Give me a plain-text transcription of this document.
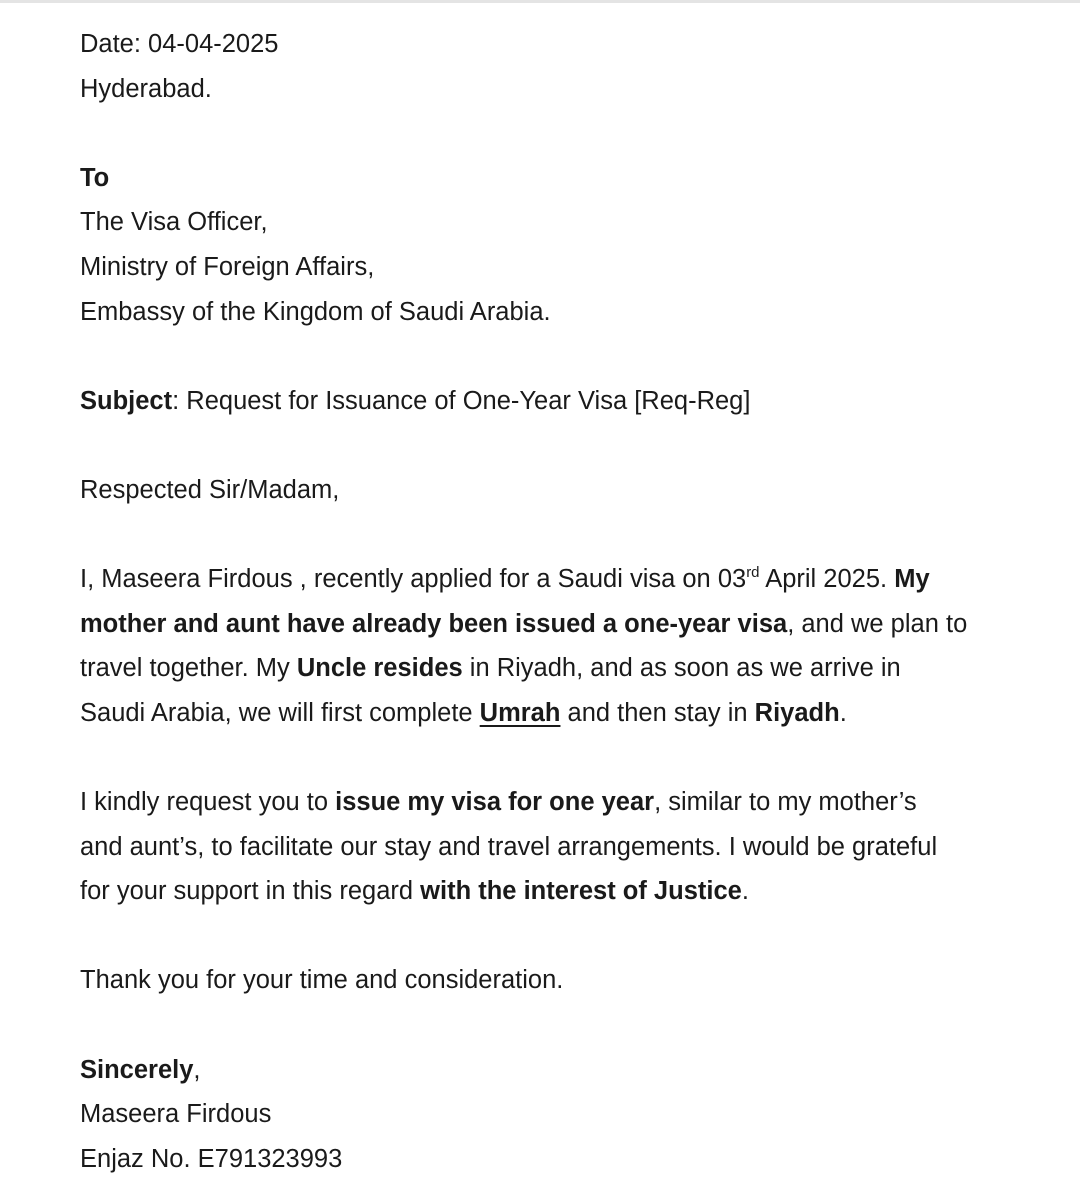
Date: 04-04-2025
Hyderabad.
To
The Visa Officer,
Ministry of Foreign Affairs,
Embassy of the Kingdom of Saudi Arabia.
Subject: Request for Issuance of One-Year Visa [Req-Reg]
Respected Sir/Madam,
I, Maseera Firdous , recently applied for a Saudi visa on 03rd April 2025. My
mother and aunt have already been issued a one-year visa, and we plan to
travel together. My Uncle resides in Riyadh, and as soon as we arrive in
Saudi Arabia, we will first complete Umrah and then stay in Riyadh.
I kindly request you to issue my visa for one year, similar to my mother’s
and aunt’s, to facilitate our stay and travel arrangements. I would be grateful
for your support in this regard with the interest of Justice.
Thank you for your time and consideration.
Sincerely,
Maseera Firdous
Enjaz No. E791323993
